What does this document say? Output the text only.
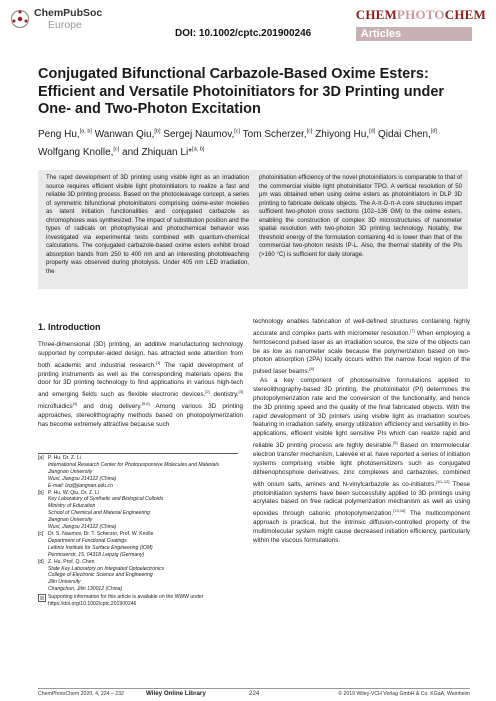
ChemPubSoc
Europe
DOI: 10.1002/cptc.201900246
CHEMPHOTOCHEM
Articles
Conjugated Bifunctional Carbazole-Based Oxime Esters: Efficient and Versatile Photoinitiators for 3D Printing under One- and Two-Photon Excitation
Peng Hu,[a, b] Wanwan Qiu,[b] Sergej Naumov,[c] Tom Scherzer,[c] Zhiyong Hu,[d] Qidai Chen,[d] Wolfgang Knolle,[c] and Zhiquan Li*[a, b]
The rapid development of 3D printing using visible light as an irradiation source requires efficient visible light photoinitiators to realize a fast and reliable 3D printing process. Based on the photocleavage concept, a series of symmetric bifunctional photoinitiators comprising oxime-ester moieties as latent initiation functionalities and conjugated carbazole as chromophores was synthesized. The impact of substitution position and the types of radicals on photophysical and photochemical behavior was investigated via experimental tests combined with quantum-chemical calculations. The conjugated carbazole-based oxime esters exhibit broad absorption bands from 250 to 400 nm and an interesting photobleaching property was observed during photolysis. Under 405 nm LED irradiation, the
photoinitiation efficiency of the novel photoinitiators is comparable to that of the commercial visible light photoinitiator TPO. A vertical resolution of 50 μm was obtained when using oxime esters as photoinitiators in DLP 3D printing to fabricate delicate objects. The A-π-D-π-A core structures impart sufficient two-photon cross sections (102–136 GM) to the oxime esters, enabling the construction of complex 3D microstructures of nanometer spatial resolution with two-photon 3D printing technology. Notably, the threshold energy of the formulation containing 4d is lower than that of the commercial two-photon resists IP-L. Also, the thermal stability of the PIs (>160 °C) is sufficient for daily storage.
1. Introduction

Three-dimensional (3D) printing, an additive manufacturing technology supported by computer-aided design, has attracted wide attention from both academic and industrial research.[1] The rapid development of printing instruments as well as the corresponding materials opens the door for 3D printing technology to find applications in various high-tech and emerging fields such as flexible electronic devices,[2] dentistry,[3] microfluidics[4] and drug delivery.[5,6] Among various 3D printing approaches, stereolithography methods based on photopolymerization has become extremely attractive because such

technology enables fabrication of well-defined structures containing highly accurate and complex parts with micrometer resolution.[7] When employing a femtosecond pulsed laser as an irradiation source, the size of the objects can be as low as nanometer scale because the polymerization based on two-photon absorption (2PA) locally occurs within the narrow focal region of the pulsed laser beams.[8]

As a key component of photosensitive formulations applied to stereolithography-based 3D printing, the photoinitiator (PI) determines the photopolymerization rate and the conversion of the functionality, and hence the 3D printing speed and the quality of the final fabricated objects. With the rapid development of 3D printers using visible light as irradiation sources featuring in irradiation safety, energy utilization efficiency and versatility in bio-applications, efficient visible light sensitive PIs which can realize rapid and reliable 3D printing process are highly desirable.[9] Based on intermolecular electron transfer mechanism, Lalevée et al. have reported a series of initiation systems comprising visible light photosensitizers such as conjugated dithienophosphole derivatives, zinc complexes and carbazoles, combined with onium salts, amines and N-vinylcarbazole as co-initiators.[10–12] These photoinitiation systems have been successfully applied to 3D printings using acrylates based on free radical polymerization mechanism as well as using epoxides through cationic photopolymerization.[13,14] The multicomponent approach is practical, but the intrinsic diffusion-controlled property of the multimolecular system might cause decreased initiation efficiency, particularly within the viscous formulations.

[a] P. Hu, Dr. Z. Li
International Research Center for Photoresponsive Molecules and Materials
Jiangnan University
Wuxi, Jiangsu 214122 (China)
E-mail: lzq@jiangnan.edu.cn
[b] P. Hu, W. Qiu, Dr. Z. Li
Key Laboratory of Synthetic and Biological Colloids
Ministry of Education
School of Chemical and Material Engineering
Jiangnan University
Wuxi, Jiangsu 214122 (China)
[c] Dr. S. Naumov, Dr. T. Scherzer, Prof. W. Knolle
Department of Functional Coatings
Leibniz Institute for Surface Engineering (IOM)
Permoserstr, 15, 04318 Leipzig (Germany)
[d] Z. Hu, Prof. Q. Chen
State Key Laboratory on Integrated Optoelectronics
College of Electronic Science and Engineering
Jilin University
Changchun, Jilin 130012 (China)
Supporting information for this article is available on the WWW under https://doi.org/10.1002/cptc.201900246
ChemPhotoChem 2020, 4, 224 – 232	Wiley Online Library	224	© 2019 Wiley-VCH Verlag GmbH & Co. KGaA, Weinheim
